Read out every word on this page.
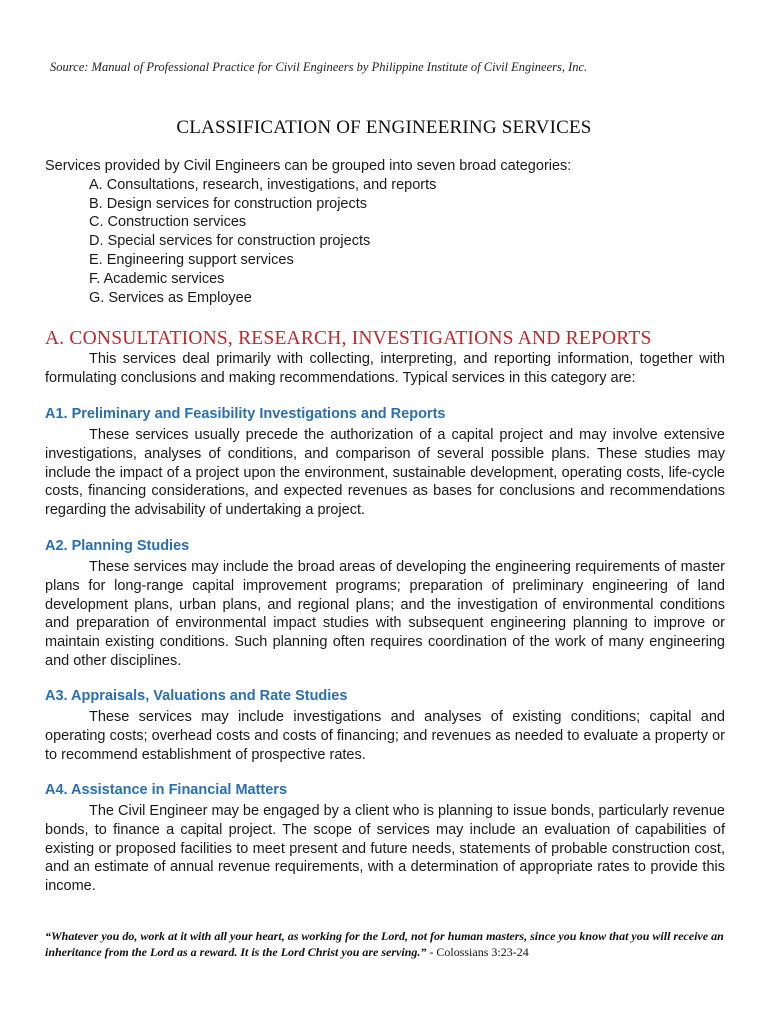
Source: Manual of Professional Practice for Civil Engineers by Philippine Institute of Civil Engineers, Inc.
CLASSIFICATION OF ENGINEERING SERVICES
Services provided by Civil Engineers can be grouped into seven broad categories:
A. Consultations, research, investigations, and reports
B. Design services for construction projects
C. Construction services
D. Special services for construction projects
E. Engineering support services
F. Academic services
G. Services as Employee
A. CONSULTATIONS, RESEARCH, INVESTIGATIONS AND REPORTS
This services deal primarily with collecting, interpreting, and reporting information, together with formulating conclusions and making recommendations. Typical services in this category are:
A1. Preliminary and Feasibility Investigations and Reports
These services usually precede the authorization of a capital project and may involve extensive investigations, analyses of conditions, and comparison of several possible plans. These studies may include the impact of a project upon the environment, sustainable development, operating costs, life-cycle costs, financing considerations, and expected revenues as bases for conclusions and recommendations regarding the advisability of undertaking a project.
A2. Planning Studies
These services may include the broad areas of developing the engineering requirements of master plans for long-range capital improvement programs; preparation of preliminary engineering of land development plans, urban plans, and regional plans; and the investigation of environmental conditions and preparation of environmental impact studies with subsequent engineering planning to improve or maintain existing conditions. Such planning often requires coordination of the work of many engineering and other disciplines.
A3. Appraisals, Valuations and Rate Studies
These services may include investigations and analyses of existing conditions; capital and operating costs; overhead costs and costs of financing; and revenues as needed to evaluate a property or to recommend establishment of prospective rates.
A4. Assistance in Financial Matters
The Civil Engineer may be engaged by a client who is planning to issue bonds, particularly revenue bonds, to finance a capital project. The scope of services may include an evaluation of capabilities of existing or proposed facilities to meet present and future needs, statements of probable construction cost, and an estimate of annual revenue requirements, with a determination of appropriate rates to provide this income.
“Whatever you do, work at it with all your heart, as working for the Lord, not for human masters, since you know that you will receive an inheritance from the Lord as a reward. It is the Lord Christ you are serving.” - Colossians 3:23-24
